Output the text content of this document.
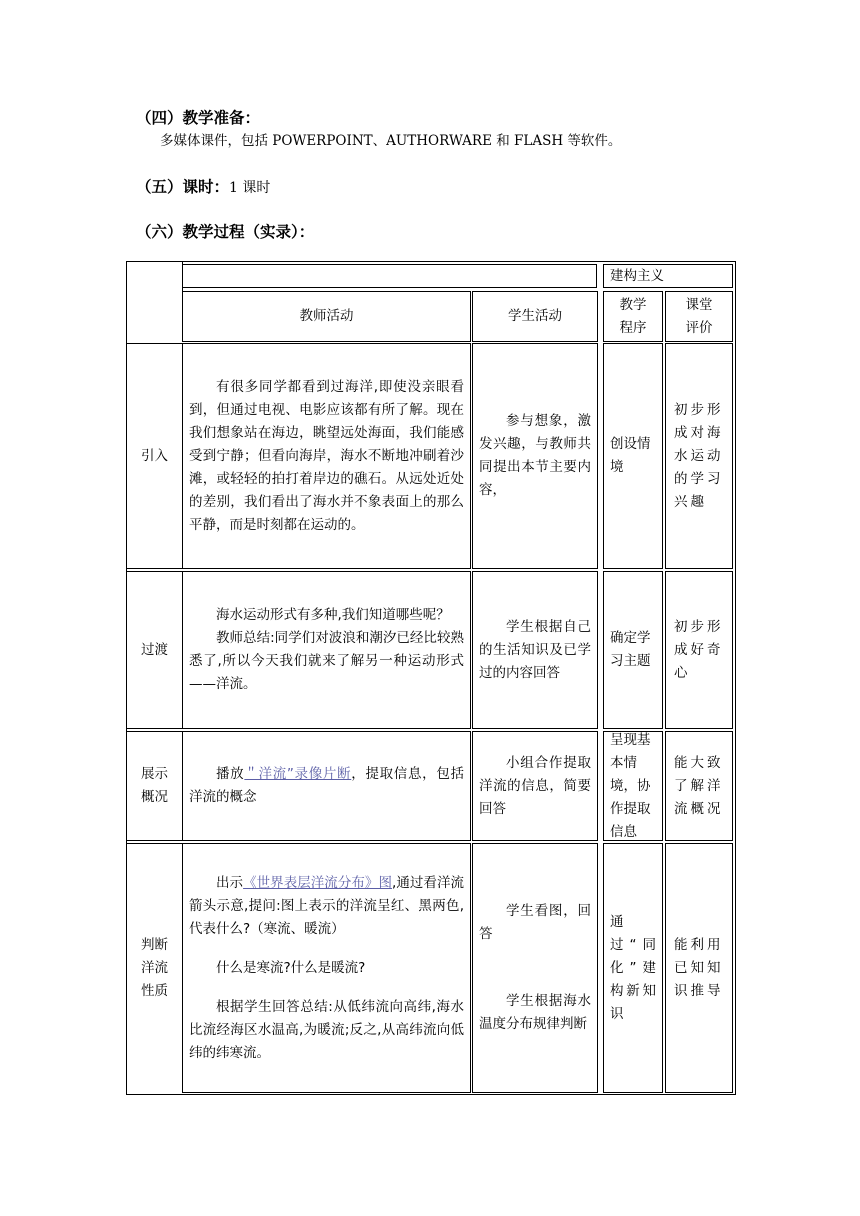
（四）教学准备：
多媒体课件，包括 POWERPOINT、AUTHORWARE 和 FLASH 等软件。
（五）课时：1 课时
（六）教学过程（实录）：
建构主义
教师活动	学生活动
教学程序
课堂评价
引入
有很多同学都看到过海洋,即使没亲眼看到，但通过电视、电影应该都有所了解。现在我们想象站在海边，眺望远处海面，我们能感受到宁静；但看向海岸，海水不断地冲刷着沙滩，或轻轻的拍打着岸边的礁石。从远处近处的差别，我们看出了海水并不象表面上的那么平静，而是时刻都在运动的。
参与想象，激发兴趣，与教师共同提出本节主要内容，
创设情境
初步形成对海水运动的学习兴趣
过渡
海水运动形式有多种,我们知道哪些呢？
教师总结:同学们对波浪和潮汐已经比较熟悉了,所以今天我们就来了解另一种运动形式——洋流。
学生根据自己的生活知识及已学过的内容回答
确定学习主题
初步形成好奇心
展示概况
播放＂洋流”录像片断，提取信息，包括洋流的概念
小组合作提取洋流的信息，简要回答
呈现基本情境，协作提取信息
能大致了解洋流概况
判断洋流性质
出示《世界表层洋流分布》图,通过看洋流箭头示意,提问:图上表示的洋流呈红、黑两色,代表什么?（寒流、暖流）
什么是寒流?什么是暖流?
根据学生回答总结:从低纬流向高纬,海水比流经海区水温高,为暖流;反之,从高纬流向低纬的纬寒流。
学生看图，回答
学生根据海水温度分布规律判断
通过“同化”建构新知识
能利用已知知识推导
